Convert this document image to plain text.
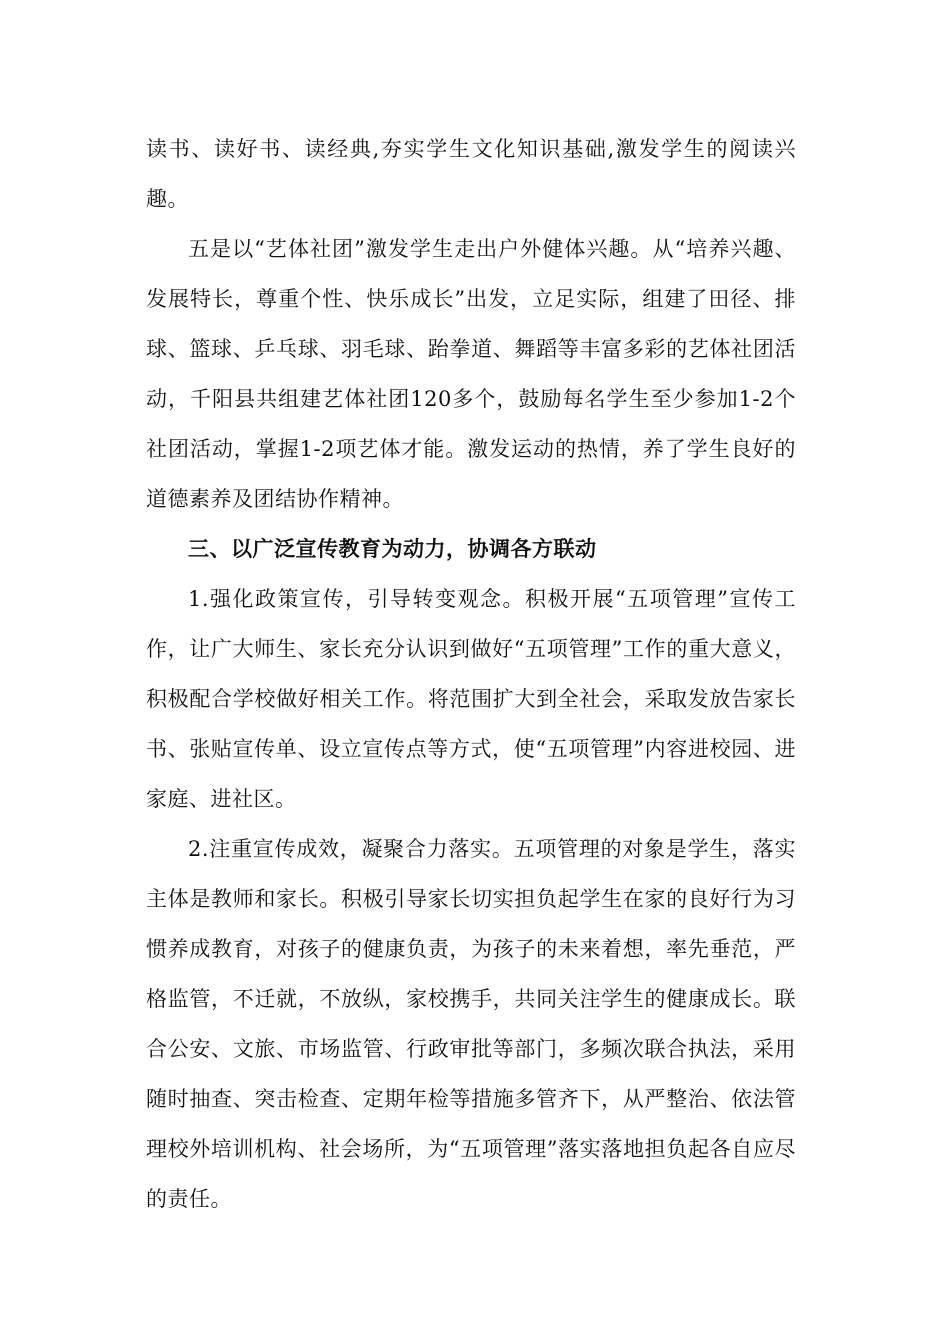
读书、读好书、读经典,夯实学生文化知识基础,激发学生的阅读兴趣。

五是以“艺体社团”激发学生走出户外健体兴趣。从“培养兴趣、发展特长，尊重个性、快乐成长”出发，立足实际，组建了田径、排球、篮球、乒乓球、羽毛球、跆拳道、舞蹈等丰富多彩的艺体社团活动，千阳县共组建艺体社团120多个，鼓励每名学生至少参加1-2个社团活动，掌握1-2项艺体才能。激发运动的热情，养了学生良好的道德素养及团结协作精神。

三、以广泛宣传教育为动力，协调各方联动

1.强化政策宣传，引导转变观念。积极开展“五项管理”宣传工作，让广大师生、家长充分认识到做好“五项管理”工作的重大意义，积极配合学校做好相关工作。将范围扩大到全社会，采取发放告家长书、张贴宣传单、设立宣传点等方式，使“五项管理”内容进校园、进家庭、进社区。

2.注重宣传成效，凝聚合力落实。五项管理的对象是学生，落实主体是教师和家长。积极引导家长切实担负起学生在家的良好行为习惯养成教育，对孩子的健康负责，为孩子的未来着想，率先垂范，严格监管，不迁就，不放纵，家校携手，共同关注学生的健康成长。联合公安、文旅、市场监管、行政审批等部门，多频次联合执法，采用随时抽查、突击检查、定期年检等措施多管齐下，从严整治、依法管理校外培训机构、社会场所，为“五项管理”落实落地担负起各自应尽的责任。
